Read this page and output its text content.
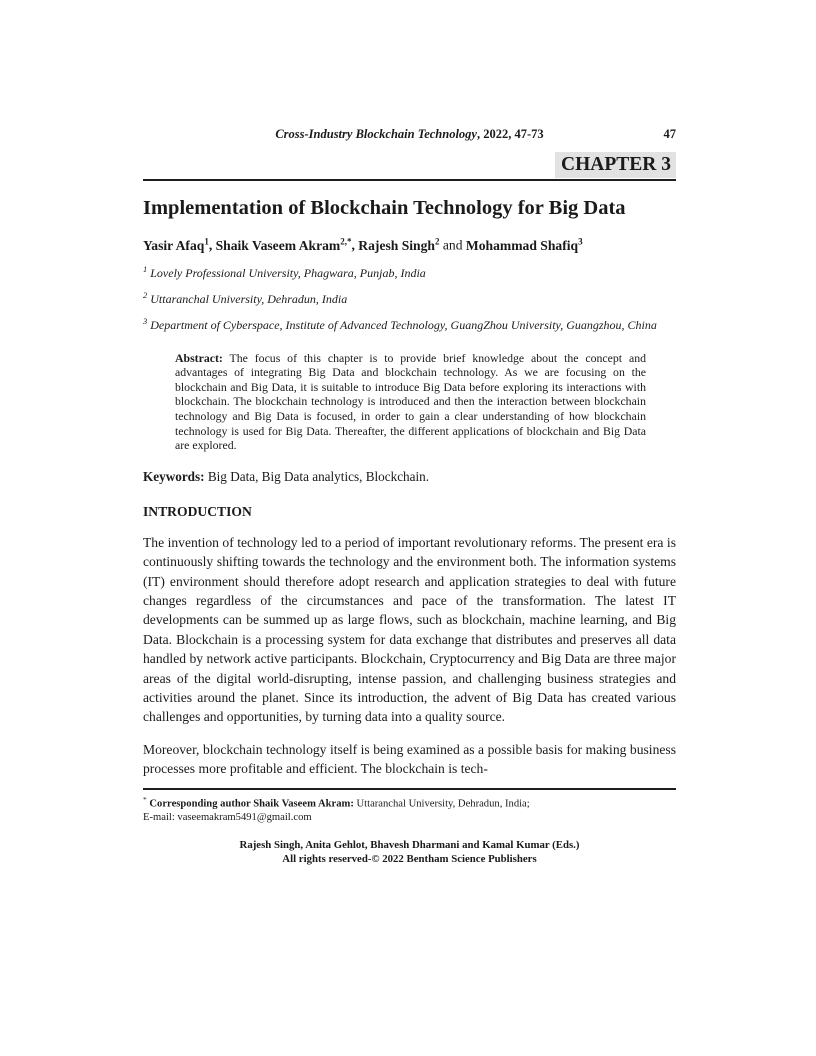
Cross-Industry Blockchain Technology, 2022, 47-73	47
CHAPTER 3
Implementation of Blockchain Technology for Big Data
Yasir Afaq$^1$, Shaik Vaseem Akram$^{2,*}$, Rajesh Singh$^2$ and Mohammad Shafiq$^3$
$^1$ Lovely Professional University, Phagwara, Punjab, India
$^2$ Uttaranchal University, Dehradun, India
$^3$ Department of Cyberspace, Institute of Advanced Technology, GuangZhou University, Guangzhou, China
Abstract: The focus of this chapter is to provide brief knowledge about the concept and advantages of integrating Big Data and blockchain technology. As we are focusing on the blockchain and Big Data, it is suitable to introduce Big Data before exploring its interactions with blockchain. The blockchain technology is introduced and then the interaction between blockchain technology and Big Data is focused, in order to gain a clear understanding of how blockchain technology is used for Big Data. Thereafter, the different applications of blockchain and Big Data are explored.
Keywords: Big Data, Big Data analytics, Blockchain.
INTRODUCTION

The invention of technology led to a period of important revolutionary reforms. The present era is continuously shifting towards the technology and the environment both. The information systems (IT) environment should therefore adopt research and application strategies to deal with future changes regardless of the circumstances and pace of the transformation. The latest IT developments can be summed up as large flows, such as blockchain, machine learning, and Big Data. Blockchain is a processing system for data exchange that distributes and preserves all data handled by network active participants. Blockchain, Cryptocurrency and Big Data are three major areas of the digital world-disrupting, intense passion, and challenging business strategies and activities around the planet. Since its introduction, the advent of Big Data has created various challenges and opportunities, by turning data into a quality source.

Moreover, blockchain technology itself is being examined as a possible basis for making business processes more profitable and efficient. The blockchain is tech-

* Corresponding author Shaik Vaseem Akram: Uttaranchal University, Dehradun, India;
E-mail: vaseemakram5491@gmail.com
Rajesh Singh, Anita Gehlot, Bhavesh Dharmani and Kamal Kumar (Eds.)
All rights reserved-© 2022 Bentham Science Publishers
